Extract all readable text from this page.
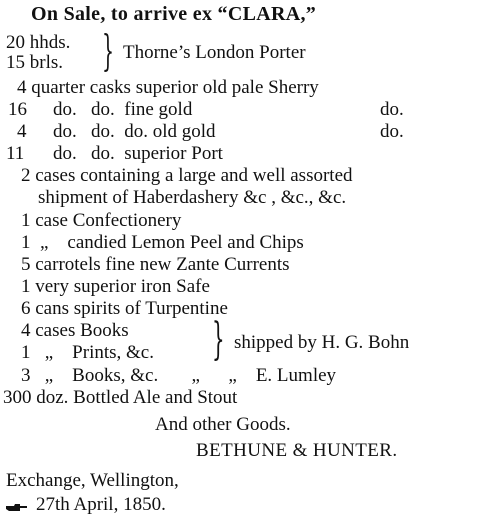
On Sale, to arrive ex “CLARA,”
20 hhds.
15 brls. } Thorne’s London Porter
4 quarter casks superior old pale Sherry
16 do.   do.  fine gold	do.
4 do.   do.  do. old gold	do.
11 do.   do.  superior Port
2 cases containing a large and well assorted
shipment of Haberdashery &c , &c., &c.
1 case Confectionery
1  „    candied Lemon Peel and Chips
5 carrotels fine new Zante Currents
1 very superior iron Safe
6 cans spirits of Turpentine
4 cases Books
1   „    Prints, &c. } shipped by H. G. Bohn
3   „    Books, &c.       „      „    E. Lumley
300 doz. Bottled Ale and Stout
And other Goods.
BETHUNE & HUNTER.
Exchange, Wellington,
27th April, 1850.
